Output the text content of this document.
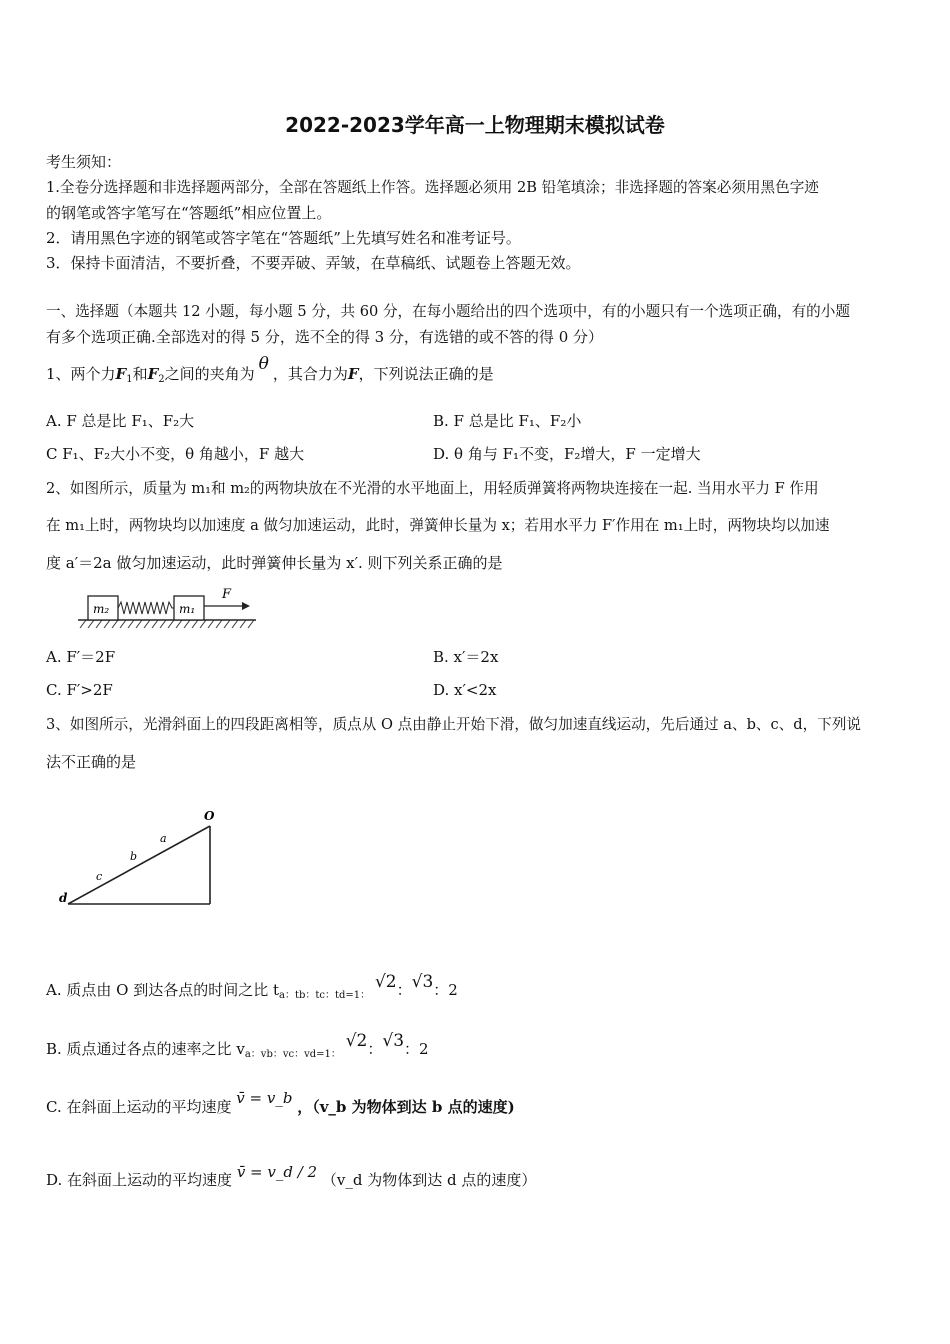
2022-2023学年高一上物理期末模拟试卷
考生须知：
1.全卷分选择题和非选择题两部分，全部在答题纸上作答。选择题必须用 2B 铅笔填涂；非选择题的答案必须用黑色字迹
的钢笔或答字笔写在“答题纸”相应位置上。
2．请用黑色字迹的钢笔或答字笔在“答题纸”上先填写姓名和准考证号。
3．保持卡面清洁，不要折叠，不要弄破、弄皱，在草稿纸、试题卷上答题无效。
一、选择题（本题共 12 小题，每小题 5 分，共 60 分，在每小题给出的四个选项中，有的小题只有一个选项正确，有的小题
有多个选项正确.全部选对的得 5 分，选不全的得 3 分，有选错的或不答的得 0 分）
1、两个力$F_1$和$F_2$之间的夹角为 θ ，其合力为F，下列说法正确的是
A. F 总是比 F₁、F₂大	B. F 总是比 F₁、F₂小
C F₁、F₂大小不变，θ 角越小，F 越大	D. θ 角与 F₁不变，F₂增大，F 一定增大
2、如图所示，质量为 m₁和 m₂的两物块放在不光滑的水平地面上，用轻质弹簧将两物块连接在一起. 当用水平力 F 作用
在 m₁上时，两物块均以加速度 a 做匀加速运动，此时，弹簧伸长量为 x；若用水平力 F′作用在 m₁上时，两物块均以加速
度 a′＝2a 做匀加速运动，此时弹簧伸长量为 x′. 则下列关系正确的是
m₂	m₁
F
A. F′＝2F	B. x′＝2x
C. F′>2F	D. x′<2x
3、如图所示，光滑斜面上的四段距离相等，质点从 O 点由静止开始下滑，做匀加速直线运动，先后通过 a、b、c、d，下列说
法不正确的是
O
a
b
c
d
A. 质点由 O 到达各点的时间之比 $t_{a:tb:tc:td=1:}$ √2：√3：2
B. 质点通过各点的速率之比 $v_{a:vb:vc:vd=1:}$ √2：√3：2
C. 在斜面上运动的平均速度 v̄ = v_b ，（v_b 为物体到达 b 点的速度)
D. 在斜面上运动的平均速度 v̄ = v_d / 2 （v_d 为物体到达 d 点的速度）
